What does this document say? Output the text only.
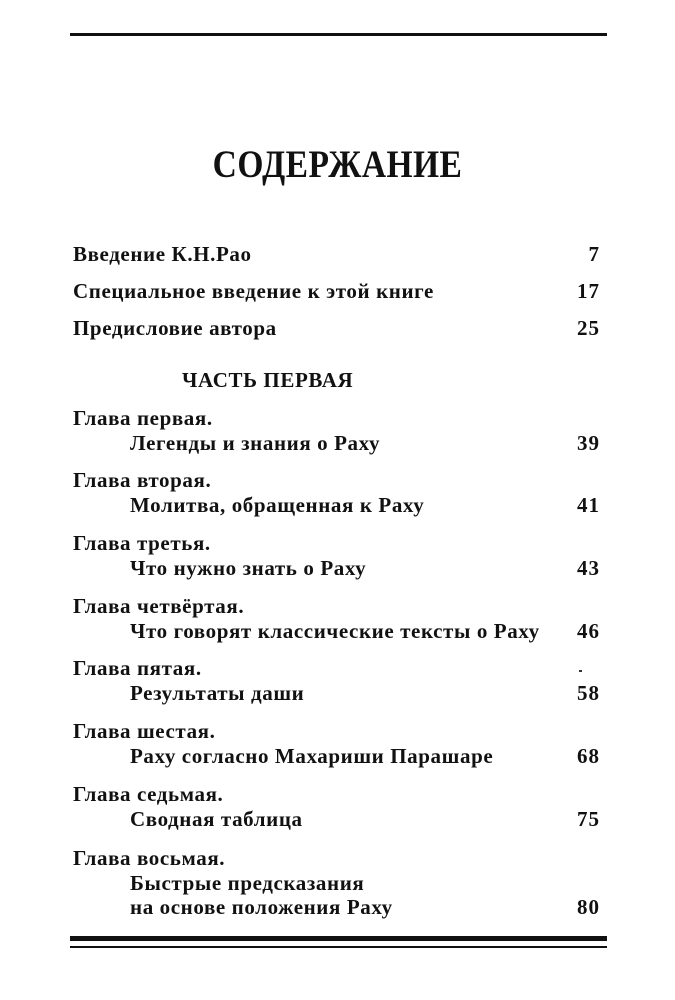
СОДЕРЖАНИЕ
Введение К.Н.Рао	7
Специальное введение к этой книге	17
Предисловие автора	25
ЧАСТЬ ПЕРВАЯ
Глава первая.
Легенды и знания о Раху	39
Глава вторая.
Молитва, обращенная к Раху	41
Глава третья.
Что нужно знать о Раху	43
Глава четвёртая.
Что говорят классические тексты о Раху 46
Глава пятая.
Результаты даши	58
Глава шестая.
Раху согласно Махариши Парашаре	68
Глава седьмая.
Сводная таблица	75
Глава восьмая.
Быстрые предсказания
на основе положения Раху	80
